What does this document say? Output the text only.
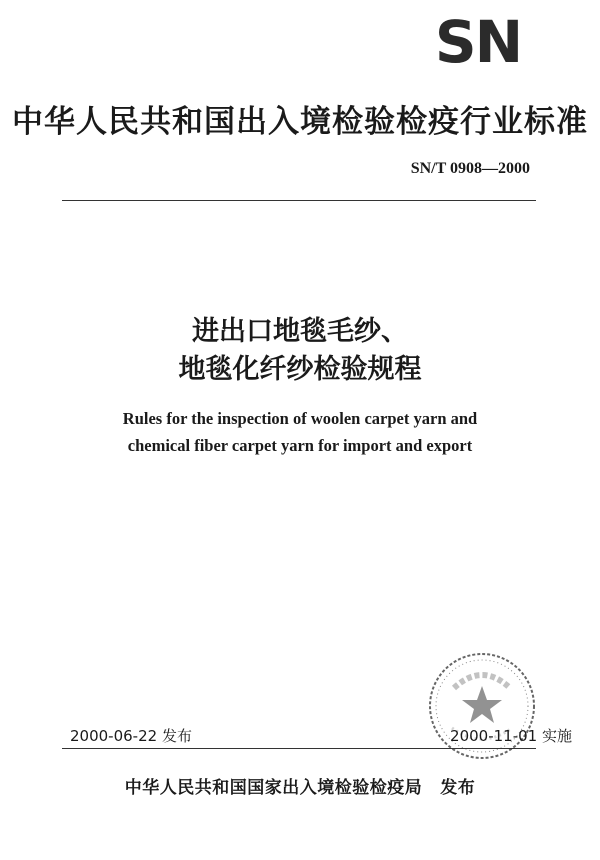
SN
中华人民共和国出入境检验检疫行业标准
SN/T 0908—2000
进出口地毯毛纱、
地毯化纤纱检验规程
Rules for the inspection of woolen carpet yarn and
chemical fiber carpet yarn for import and export
2000-06-22 发布	2000-11-01 实施
中华人民共和国国家出入境检验检疫局 发布
